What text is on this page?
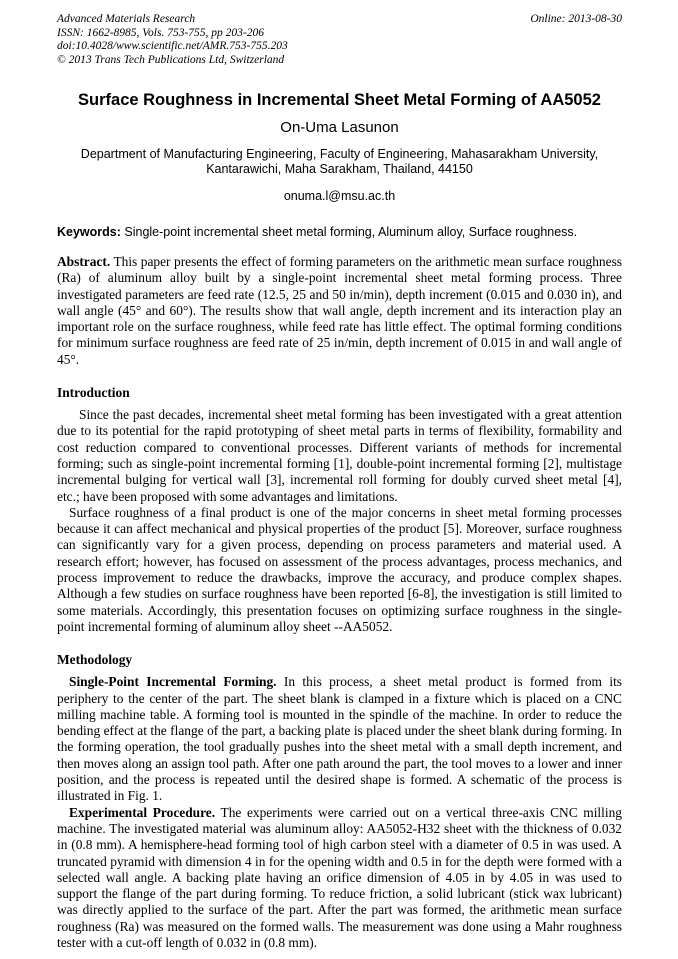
Advanced Materials Research
ISSN: 1662-8985, Vols. 753-755, pp 203-206
doi:10.4028/www.scientific.net/AMR.753-755.203
© 2013 Trans Tech Publications Ltd, Switzerland
Online: 2013-08-30
Surface Roughness in Incremental Sheet Metal Forming of AA5052
On-Uma Lasunon
Department of Manufacturing Engineering, Faculty of Engineering, Mahasarakham University,
Kantarawichi, Maha Sarakham, Thailand, 44150
onuma.l@msu.ac.th
Keywords: Single-point incremental sheet metal forming, Aluminum alloy, Surface roughness.

Abstract. This paper presents the effect of forming parameters on the arithmetic mean surface roughness (Ra) of aluminum alloy built by a single-point incremental sheet metal forming process. Three investigated parameters are feed rate (12.5, 25 and 50 in/min), depth increment (0.015 and 0.030 in), and wall angle (45° and 60°). The results show that wall angle, depth increment and its interaction play an important role on the surface roughness, while feed rate has little effect. The optimal forming conditions for minimum surface roughness are feed rate of 25 in/min, depth increment of 0.015 in and wall angle of 45°.

Introduction

Since the past decades, incremental sheet metal forming has been investigated with a great attention due to its potential for the rapid prototyping of sheet metal parts in terms of flexibility, formability and cost reduction compared to conventional processes. Different variants of methods for incremental forming; such as single-point incremental forming [1], double-point incremental forming [2], multistage incremental bulging for vertical wall [3], incremental roll forming for doubly curved sheet metal [4], etc.; have been proposed with some advantages and limitations.

Surface roughness of a final product is one of the major concerns in sheet metal forming processes because it can affect mechanical and physical properties of the product [5]. Moreover, surface roughness can significantly vary for a given process, depending on process parameters and material used. A research effort; however, has focused on assessment of the process advantages, process mechanics, and process improvement to reduce the drawbacks, improve the accuracy, and produce complex shapes. Although a few studies on surface roughness have been reported [6-8], the investigation is still limited to some materials. Accordingly, this presentation focuses on optimizing surface roughness in the single-point incremental forming of aluminum alloy sheet --AA5052.

Methodology

Single-Point Incremental Forming. In this process, a sheet metal product is formed from its periphery to the center of the part. The sheet blank is clamped in a fixture which is placed on a CNC milling machine table. A forming tool is mounted in the spindle of the machine. In order to reduce the bending effect at the flange of the part, a backing plate is placed under the sheet blank during forming. In the forming operation, the tool gradually pushes into the sheet metal with a small depth increment, and then moves along an assign tool path. After one path around the part, the tool moves to a lower and inner position, and the process is repeated until the desired shape is formed. A schematic of the process is illustrated in Fig. 1.

Experimental Procedure. The experiments were carried out on a vertical three-axis CNC milling machine. The investigated material was aluminum alloy: AA5052-H32 sheet with the thickness of 0.032 in (0.8 mm). A hemisphere-head forming tool of high carbon steel with a diameter of 0.5 in was used. A truncated pyramid with dimension 4 in for the opening width and 0.5 in for the depth were formed with a selected wall angle. A backing plate having an orifice dimension of 4.05 in by 4.05 in was used to support the flange of the part during forming. To reduce friction, a solid lubricant (stick wax lubricant) was directly applied to the surface of the part. After the part was formed, the arithmetic mean surface roughness (Ra) was measured on the formed walls. The measurement was done using a Mahr roughness tester with a cut-off length of 0.032 in (0.8 mm).
